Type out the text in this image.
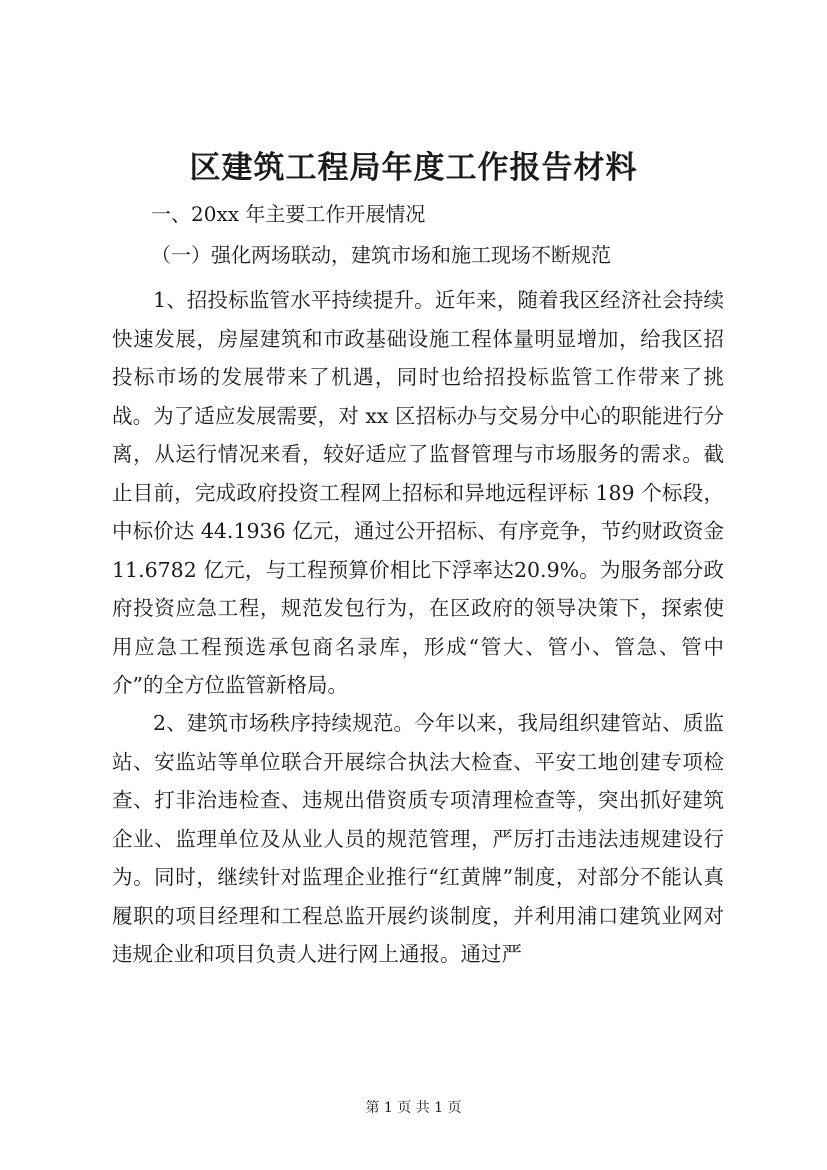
区建筑工程局年度工作报告材料
一、20xx 年主要工作开展情况
（一）强化两场联动，建筑市场和施工现场不断规范
1、招投标监管水平持续提升。近年来，随着我区经济社会持续快速发展，房屋建筑和市政基础设施工程体量明显增加，给我区招投标市场的发展带来了机遇，同时也给招投标监管工作带来了挑战。为了适应发展需要，对 xx 区招标办与交易分中心的职能进行分离，从运行情况来看，较好适应了监督管理与市场服务的需求。截止目前，完成政府投资工程网上招标和异地远程评标 189 个标段，中标价达 44.1936 亿元，通过公开招标、有序竞争，节约财政资金 11.6782 亿元，与工程预算价相比下浮率达20.9%。为服务部分政府投资应急工程，规范发包行为，在区政府的领导决策下，探索使用应急工程预选承包商名录库，形成“管大、管小、管急、管中介”的全方位监管新格局。
2、建筑市场秩序持续规范。今年以来，我局组织建管站、质监站、安监站等单位联合开展综合执法大检查、平安工地创建专项检查、打非治违检查、违规出借资质专项清理检查等，突出抓好建筑企业、监理单位及从业人员的规范管理，严厉打击违法违规建设行为。同时，继续针对监理企业推行“红黄牌”制度，对部分不能认真履职的项目经理和工程总监开展约谈制度，并利用浦口建筑业网对违规企业和项目负责人进行网上通报。通过严
第 1 页 共 1 页
